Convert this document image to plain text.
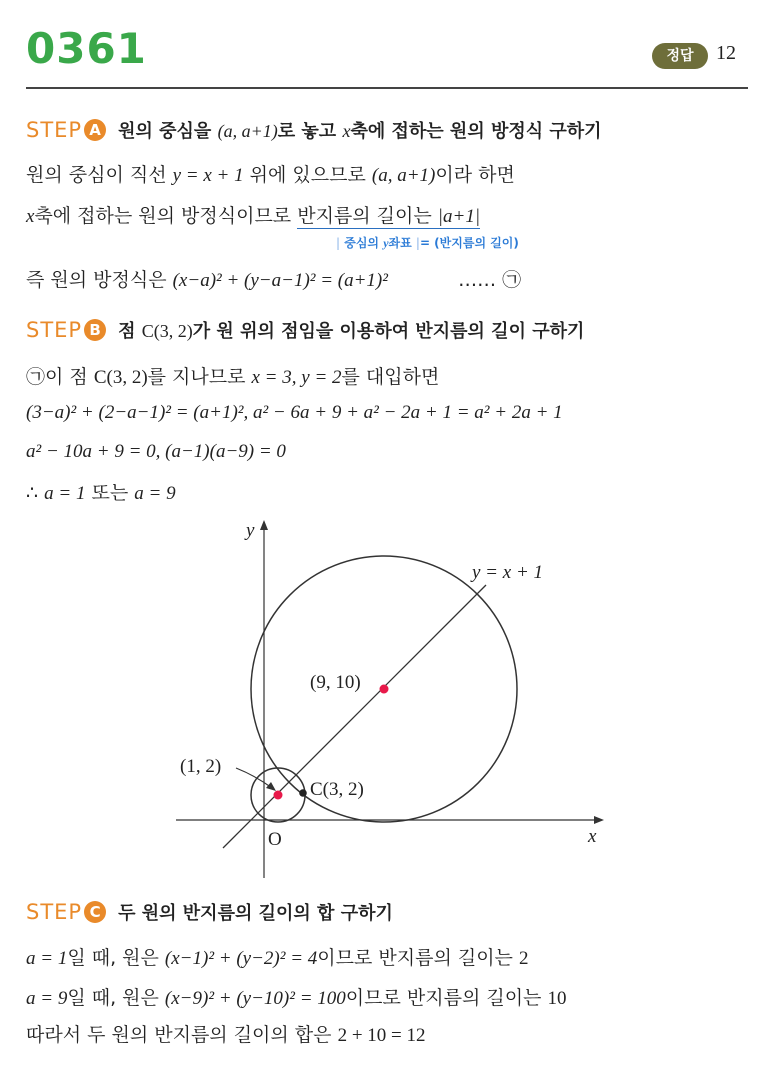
0361	정답	12
STEP A 원의 중심을 (a, a+1)로 놓고 x축에 접하는 원의 방정식 구하기
원의 중심이 직선 y = x + 1 위에 있으므로 (a, a+1)이라 하면
x축에 접하는 원의 방정식이므로 반지름의 길이는 |a+1|
| 중심의 y좌표 |= (반지름의 길이)
즉 원의 방정식은 (x−a)² + (y−a−1)² = (a+1)²	…… ㉠
STEP B 점 C(3, 2)가 원 위의 점임을 이용하여 반지름의 길이 구하기
㉠이 점 C(3, 2)를 지나므로 x = 3, y = 2를 대입하면
(3−a)² + (2−a−1)² = (a+1)², a² − 6a + 9 + a² − 2a + 1 = a² + 2a + 1
a² − 10a + 9 = 0, (a−1)(a−9) = 0
∴ a = 1 또는 a = 9
y
x
O
y = x + 1
(9, 10)
(1, 2)
C(3, 2)
STEP C 두 원의 반지름의 길이의 합 구하기
a = 1일 때, 원은 (x−1)² + (y−2)² = 4이므로 반지름의 길이는 2
a = 9일 때, 원은 (x−9)² + (y−10)² = 100이므로 반지름의 길이는 10
따라서 두 원의 반지름의 길이의 합은 2 + 10 = 12
